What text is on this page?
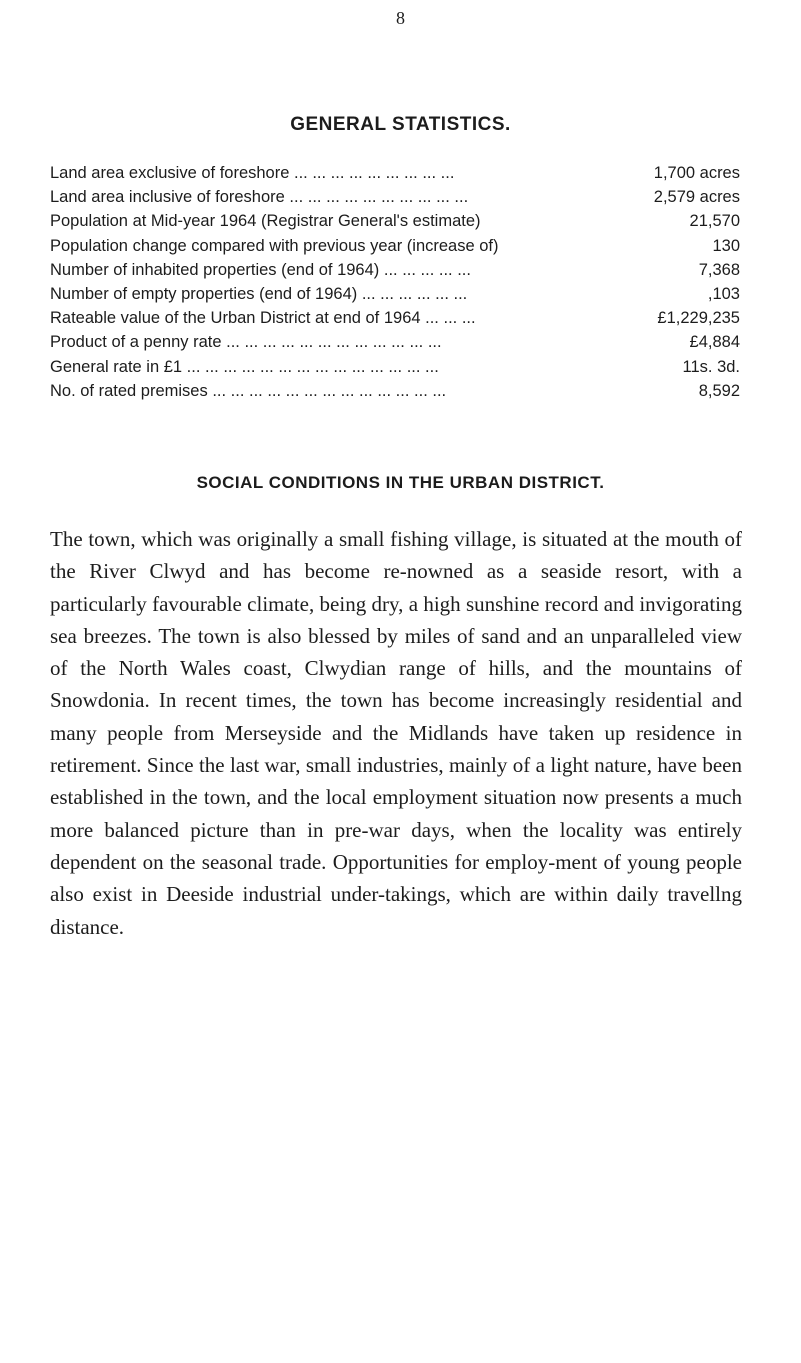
8
GENERAL STATISTICS.
Land area exclusive of foreshore ... ... ... ... ... ... ... ... ...	1,700 acres
Land area inclusive of foreshore ... ... ... ... ... ... ... ... ... ...	2,579 acres
Population at Mid-year 1964 (Registrar General's estimate)	21,570
Population change compared with previous year (increase of)	130
Number of inhabited properties (end of 1964) ... ... ... ... ...	7,368
Number of empty properties (end of 1964) ... ... ... ... ... ...	,103
Rateable value of the Urban District at end of 1964 ... ... ...	£1,229,235
Product of a penny rate ... ... ... ... ... ... ... ... ... ... ... ...	£4,884
General rate in £1 ... ... ... ... ... ... ... ... ... ... ... ... ... ...	11s. 3d.
No. of rated premises ... ... ... ... ... ... ... ... ... ... ... ... ...	8,592
SOCIAL CONDITIONS IN THE URBAN DISTRICT.

The town, which was originally a small fishing village, is situated at the mouth of the River Clwyd and has become re-nowned as a seaside resort, with a particularly favourable climate, being dry, a high sunshine record and invigorating sea breezes. The town is also blessed by miles of sand and an unparalleled view of the North Wales coast, Clwydian range of hills, and the mountains of Snowdonia. In recent times, the town has become increasingly residential and many people from Merseyside and the Midlands have taken up residence in retirement. Since the last war, small industries, mainly of a light nature, have been established in the town, and the local employment situation now presents a much more balanced picture than in pre-war days, when the locality was entirely dependent on the seasonal trade. Opportunities for employ-ment of young people also exist in Deeside industrial under-takings, which are within daily travellng distance.
